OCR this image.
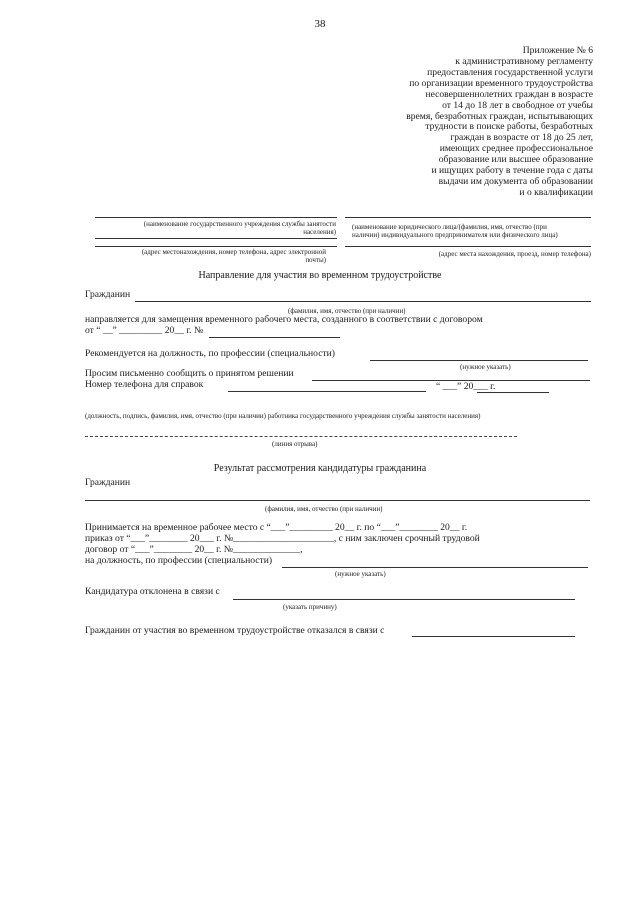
38
Приложение № 6
к административному регламенту
предоставления государственной услуги
по организации временного трудоустройства
несовершеннолетних граждан в возрасте
от 14 до 18 лет в свободное от учебы
время, безработных граждан, испытывающих
трудности в поиске работы, безработных
граждан в возрасте от 18 до 25 лет,
имеющих среднее профессиональное
образование или высшее образование
и ищущих работу в течение года с даты
выдачи им документа об образовании
и о квалификации
(наименование государственного учреждения службы занятости
населения)
(адрес местонахождения, номер телефона, адрес электронной
почты)
(наименование юридического лица/(фамилия, имя, отчество (при
наличии) индивидуального предпринимателя или физического лица)
(адрес места нахождения, проезд, номер телефона)
Направление для участия во временном трудоустройстве
Гражданин
(фамилия, имя, отчество (при наличии)
направляется для замещения временного рабочего места, созданного в соответствии с договором
от “ __” _________ 20__ г. №
Рекомендуется на должность, по профессии (специальности)
(нужное указать)
Просим письменно сообщить о принятом решении
Номер телефона для справок	“ ___” 20___ г.
(должность, подпись, фамилия, имя, отчество (при наличии) работника государственного учреждения службы занятости населения)
(линия отрыва)
Результат рассмотрения кандидатуры гражданина
Гражданин
(фамилия, имя, отчество (при наличии)
Принимается на временное рабочее место с “___”_________ 20__ г. по “___”________ 20__ г.
приказ от “___”________ 20___ г. №_____________________, с ним заключен срочный трудовой
договор от “___”________ 20__ г. №______________,
на должность, по профессии (специальности)
(нужное указать)
Кандидатура отклонена в связи с
(указать причину)
Гражданин от участия во временном трудоустройстве отказался в связи с
